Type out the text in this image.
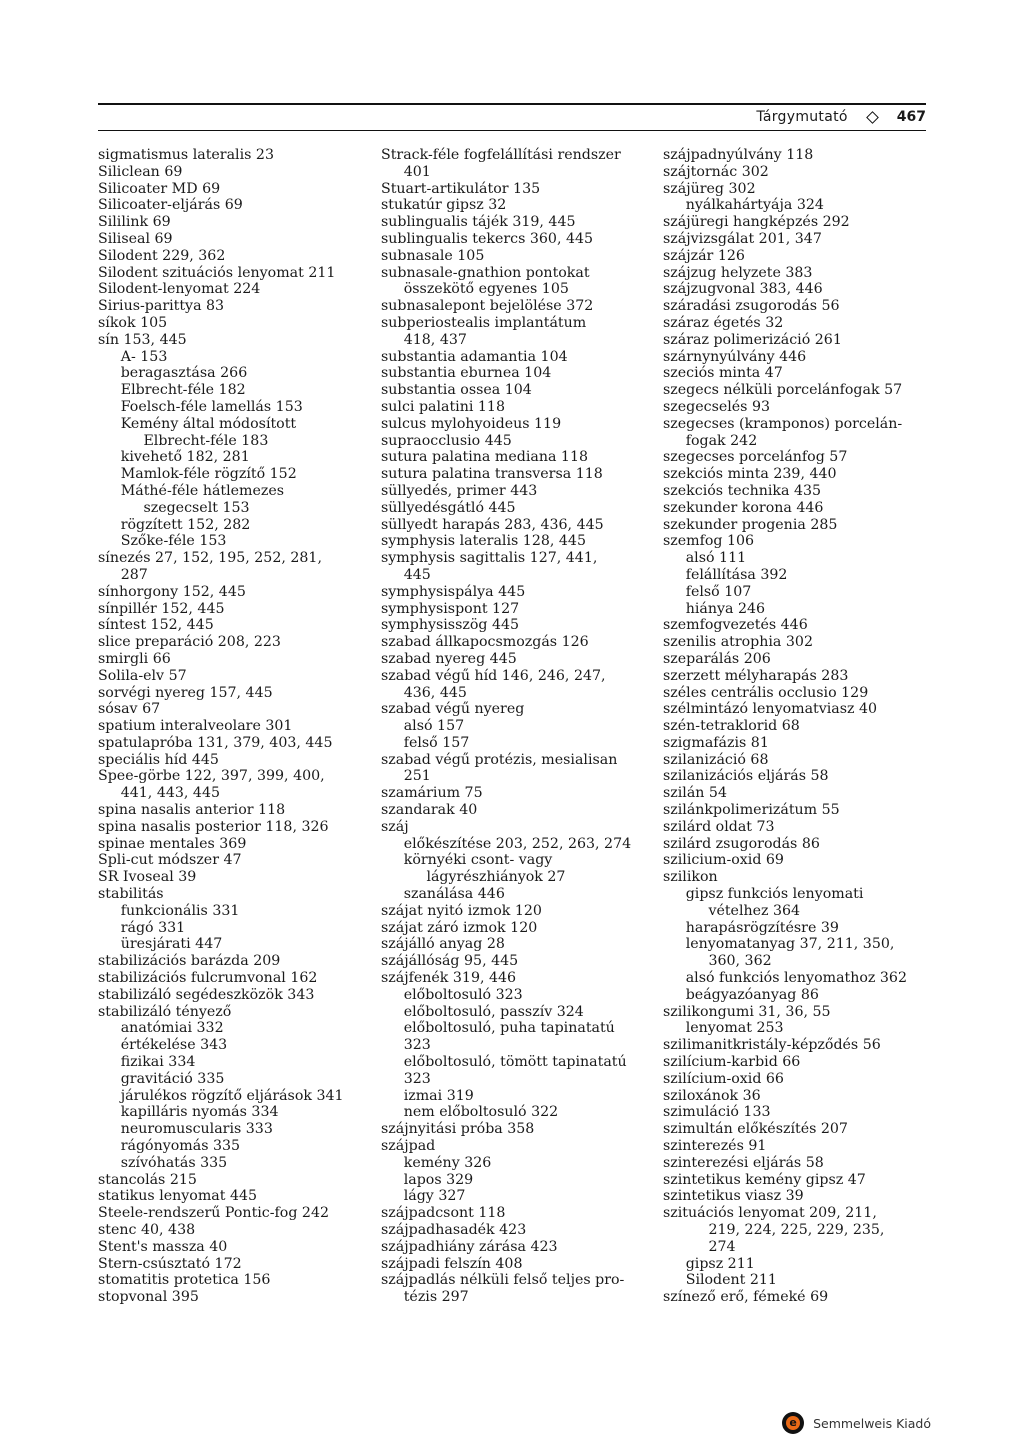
Tárgymutató	467
sigmatismus lateralis 23
Siliclean 69
Silicoater MD 69
Silicoater-eljárás 69
Sililink 69
Siliseal 69
Silodent 229, 362
Silodent szituációs lenyomat 211
Silodent-lenyomat 224
Sirius-parittya 83
síkok 105
sín 153, 445
A- 153
beragasztása 266
Elbrecht-féle 182
Foelsch-féle lamellás 153
Kemény által módosított
Elbrecht-féle 183
kivehető 182, 281
Mamlok-féle rögzítő 152
Máthé-féle hátlemezes
szegecselt 153
rögzített 152, 282
Szőke-féle 153
sínezés 27, 152, 195, 252, 281,
287
sínhorgony 152, 445
sínpillér 152, 445
síntest 152, 445
slice preparáció 208, 223
smirgli 66
Solila-elv 57
sorvégi nyereg 157, 445
sósav 67
spatium interalveolare 301
spatulapróba 131, 379, 403, 445
speciális híd 445
Spee-görbe 122, 397, 399, 400,
441, 443, 445
spina nasalis anterior 118
spina nasalis posterior 118, 326
spinae mentales 369
Spli-cut módszer 47
SR Ivoseal 39
stabilitás
funkcionális 331
rágó 331
üresjárati 447
stabilizációs barázda 209
stabilizációs fulcrumvonal 162
stabilizáló segédeszközök 343
stabilizáló tényező
anatómiai 332
értékelése 343
fizikai 334
gravitáció 335
járulékos rögzítő eljárások 341
kapilláris nyomás 334
neuromuscularis 333
rágónyomás 335
szívóhatás 335
stancolás 215
statikus lenyomat 445
Steele-rendszerű Pontic-fog 242
stenc 40, 438
Stent's massza 40
Stern-csúsztató 172
stomatitis protetica 156
stopvonal 395
Strack-féle fogfelállítási rendszer
401
Stuart-artikulátor 135
stukatúr gipsz 32
sublingualis tájék 319, 445
sublingualis tekercs 360, 445
subnasale 105
subnasale-gnathion pontokat
összekötő egyenes 105
subnasalepont bejelölése 372
subperiostealis implantátum
418, 437
substantia adamantia 104
substantia eburnea 104
substantia ossea 104
sulci palatini 118
sulcus mylohyoideus 119
supraocclusio 445
sutura palatina mediana 118
sutura palatina transversa 118
süllyedés, primer 443
süllyedésgátló 445
süllyedt harapás 283, 436, 445
symphysis lateralis 128, 445
symphysis sagittalis 127, 441,
445
symphysispálya 445
symphysispont 127
symphysisszög 445
szabad állkapocsmozgás 126
szabad nyereg 445
szabad végű híd 146, 246, 247,
436, 445
szabad végű nyereg
alsó 157
felső 157
szabad végű protézis, mesialisan
251
szamárium 75
szandarak 40
száj
előkészítése 203, 252, 263, 274
környéki csont- vagy
lágyrészhiányok 27
szanálása 446
szájat nyitó izmok 120
szájat záró izmok 120
szájálló anyag 28
szájállóság 95, 445
szájfenék 319, 446
előboltosuló 323
előboltosuló, passzív 324
előboltosuló, puha tapinatatú
323
előboltosuló, tömött tapinatatú
323
izmai 319
nem előboltosuló 322
szájnyitási próba 358
szájpad
kemény 326
lapos 329
lágy 327
szájpadcsont 118
szájpadhasadék 423
szájpadhiány zárása 423
szájpadi felszín 408
szájpadlás nélküli felső teljes pro-
tézis 297
szájpadnyúlvány 118
szájtornác 302
szájüreg 302
nyálkahártyája 324
szájüregi hangképzés 292
szájvizsgálat 201, 347
szájzár 126
szájzug helyzete 383
szájzugvonal 383, 446
száradási zsugorodás 56
száraz égetés 32
száraz polimerizáció 261
szárnynyúlvány 446
szeciós minta 47
szegecs nélküli porcelánfogak 57
szegecselés 93
szegecses (kramponos) porcelán-
fogak 242
szegecses porcelánfog 57
szekciós minta 239, 440
szekciós technika 435
szekunder korona 446
szekunder progenia 285
szemfog 106
alsó 111
felállítása 392
felső 107
hiánya 246
szemfogvezetés 446
szenilis atrophia 302
szeparálás 206
szerzett mélyharapás 283
széles centrális occlusio 129
szélmintázó lenyomatviasz 40
szén-tetraklorid 68
szigmafázis 81
szilanizáció 68
szilanizációs eljárás 58
szilán 54
szilánkpolimerizátum 55
szilárd oldat 73
szilárd zsugorodás 86
szilicium-oxid 69
szilikon
gipsz funkciós lenyomati
vételhez 364
harapásrögzítésre 39
lenyomatanyag 37, 211, 350,
360, 362
alsó funkciós lenyomathoz 362
beágyazóanyag 86
szilikongumi 31, 36, 55
lenyomat 253
szilimanitkristály-képződés 56
szilícium-karbid 66
szilícium-oxid 66
sziloxánok 36
szimuláció 133
szimultán előkészítés 207
szinterezés 91
szinterezési eljárás 58
szintetikus kemény gipsz 47
szintetikus viasz 39
szituációs lenyomat 209, 211,
219, 224, 225, 229, 235,
274
gipsz 211
Silodent 211
színező erő, fémeké 69
e Semmelweis Kiadó
